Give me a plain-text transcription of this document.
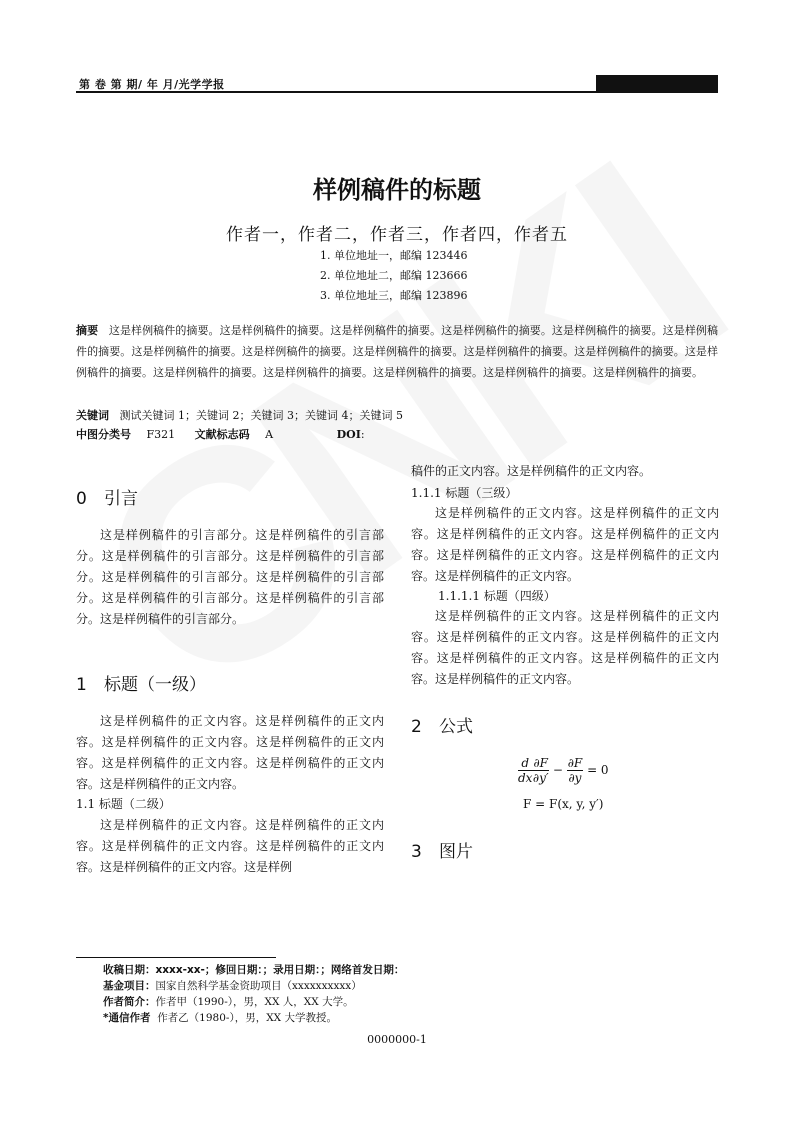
第 卷 第 期/ 年 月/光学学报
样例稿件的标题
作者一，作者二，作者三，作者四，作者五
1. 单位地址一，邮编 123446
2. 单位地址二，邮编 123666
3. 单位地址三，邮编 123896
摘要 这是样例稿件的摘要。这是样例稿件的摘要。这是样例稿件的摘要。这是样例稿件的摘要。这是样例稿件的摘要。这是样例稿件的摘要。这是样例稿件的摘要。这是样例稿件的摘要。这是样例稿件的摘要。这是样例稿件的摘要。这是样例稿件的摘要。这是样例稿件的摘要。这是样例稿件的摘要。这是样例稿件的摘要。这是样例稿件的摘要。这是样例稿件的摘要。这是样例稿件的摘要。
关键词 测试关键词 1；关键词 2；关键词 3；关键词 4；关键词 5
中图分类号 F321 文献标志码 A	DOI:
0 引言

这是样例稿件的引言部分。这是样例稿件的引言部分。这是样例稿件的引言部分。这是样例稿件的引言部分。这是样例稿件的引言部分。这是样例稿件的引言部分。这是样例稿件的引言部分。这是样例稿件的引言部分。这是样例稿件的引言部分。

1 标题（一级）

这是样例稿件的正文内容。这是样例稿件的正文内容。这是样例稿件的正文内容。这是样例稿件的正文内容。这是样例稿件的正文内容。这是样例稿件的正文内容。这是样例稿件的正文内容。

1.1 标题（二级）

这是样例稿件的正文内容。这是样例稿件的正文内容。这是样例稿件的正文内容。这是样例稿件的正文内容。这是样例稿件的正文内容。这是样例

稿件的正文内容。这是样例稿件的正文内容。

1.1.1 标题（三级）

这是样例稿件的正文内容。这是样例稿件的正文内容。这是样例稿件的正文内容。这是样例稿件的正文内容。这是样例稿件的正文内容。这是样例稿件的正文内容。这是样例稿件的正文内容。

1.1.1.1 标题（四级）

这是样例稿件的正文内容。这是样例稿件的正文内容。这是样例稿件的正文内容。这是样例稿件的正文内容。这是样例稿件的正文内容。这是样例稿件的正文内容。这是样例稿件的正文内容。

2 公式
$\frac{d}{dx} \frac{\partial F}{\partial y'} - \frac{\partial F}{\partial y} = 0$
F = F(x, y, y′)
3 图片
收稿日期：xxxx-xx-；修回日期：；录用日期：；网络首发日期：
基金项目：国家自然科学基金资助项目（xxxxxxxxxx）
作者简介：作者甲（1990-），男，XX 人，XX 大学。
*通信作者 作者乙（1980-），男，XX 大学教授。
0000000-1
